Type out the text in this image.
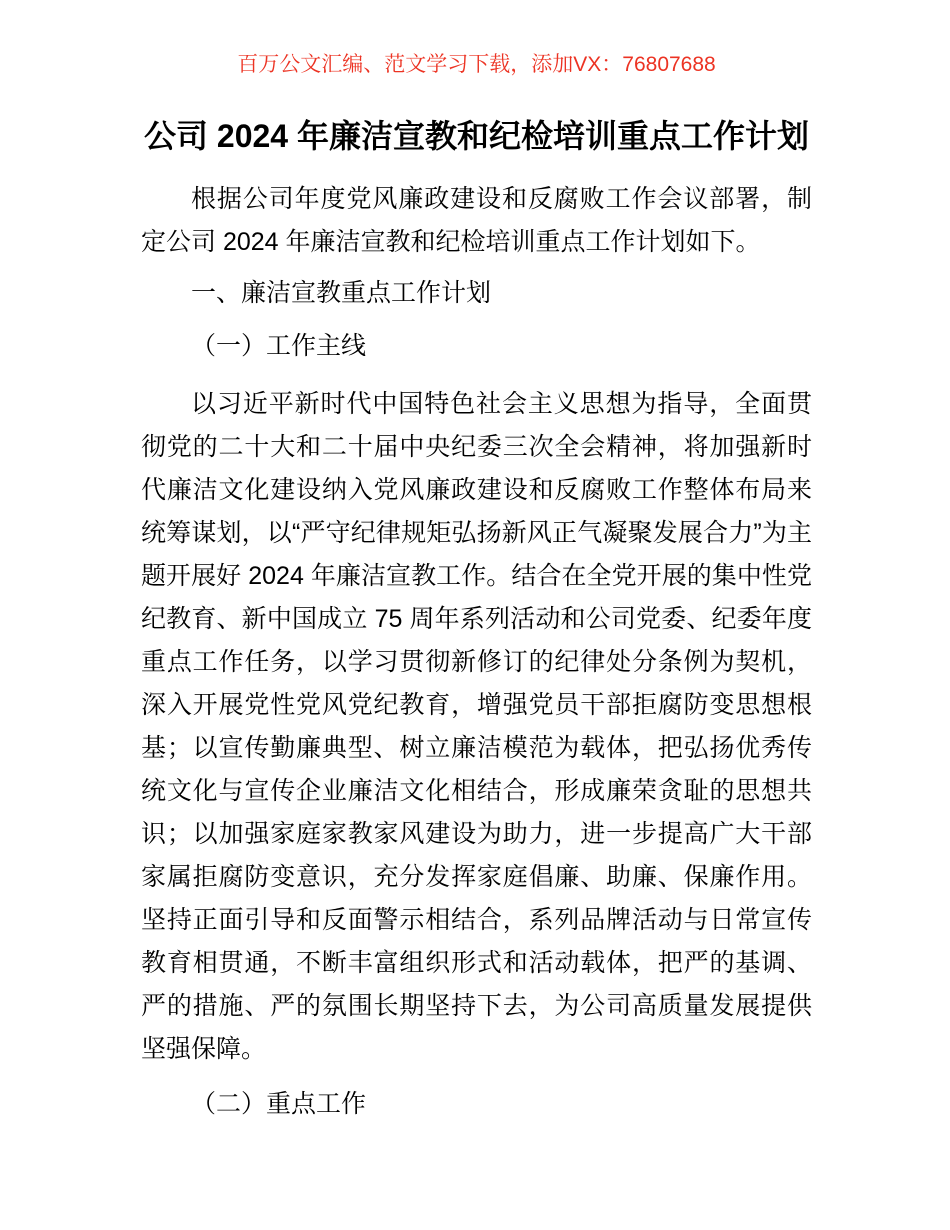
百万公文汇编、范文学习下载，添加VX：76807688

公司 2024 年廉洁宣教和纪检培训重点工作计划

根据公司年度党风廉政建设和反腐败工作会议部署，制定公司 2024 年廉洁宣教和纪检培训重点工作计划如下。

一、廉洁宣教重点工作计划

（一）工作主线

以习近平新时代中国特色社会主义思想为指导，全面贯彻党的二十大和二十届中央纪委三次全会精神，将加强新时代廉洁文化建设纳入党风廉政建设和反腐败工作整体布局来统筹谋划，以“严守纪律规矩弘扬新风正气凝聚发展合力”为主题开展好 2024 年廉洁宣教工作。结合在全党开展的集中性党纪教育、新中国成立 75 周年系列活动和公司党委、纪委年度重点工作任务，以学习贯彻新修订的纪律处分条例为契机，深入开展党性党风党纪教育，增强党员干部拒腐防变思想根基；以宣传勤廉典型、树立廉洁模范为载体，把弘扬优秀传统文化与宣传企业廉洁文化相结合，形成廉荣贪耻的思想共识；以加强家庭家教家风建设为助力，进一步提高广大干部家属拒腐防变意识，充分发挥家庭倡廉、助廉、保廉作用。坚持正面引导和反面警示相结合，系列品牌活动与日常宣传教育相贯通，不断丰富组织形式和活动载体，把严的基调、严的措施、严的氛围长期坚持下去，为公司高质量发展提供坚强保障。

（二）重点工作
